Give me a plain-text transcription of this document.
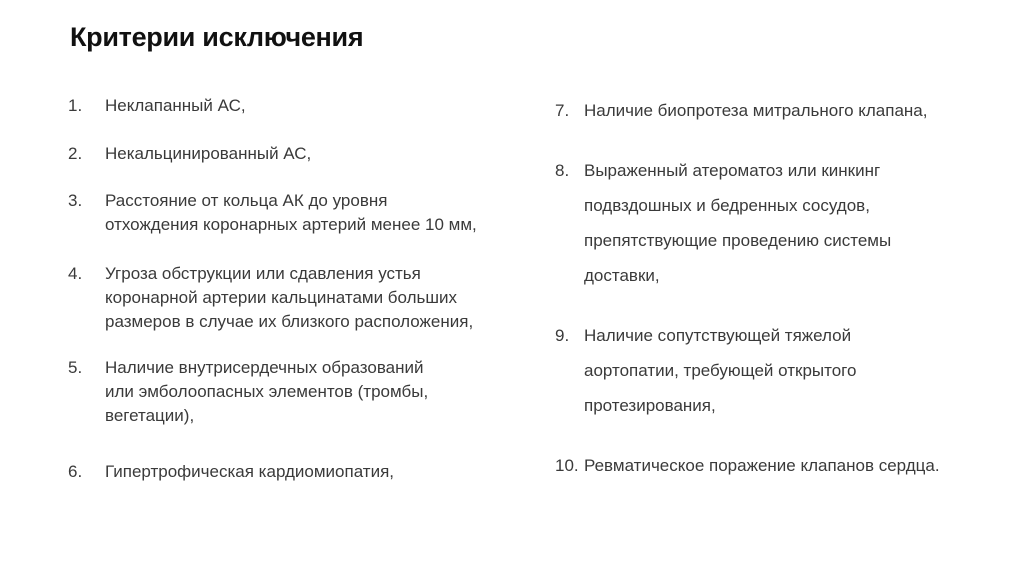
Критерии исключения
1. Неклапанный АС,
2. Некальцинированный АС,
3. Расстояние от кольца АК до уровня
отхождения коронарных артерий менее 10 мм,
4. Угроза обструкции или сдавления устья
коронарной артерии кальцинатами больших
размеров в случае их близкого расположения,
5. Наличие внутрисердечных образований
или эмболоопасных элементов (тромбы,
вегетации),
6. Гипертрофическая кардиомиопатия,
7. Наличие биопротеза митрального клапана,
8. Выраженный атероматоз или кинкинг
подвздошных и бедренных сосудов,
препятствующие проведению системы
доставки,
9. Наличие сопутствующей тяжелой
аортопатии, требующей открытого
протезирования,
10. Ревматическое поражение клапанов сердца.
